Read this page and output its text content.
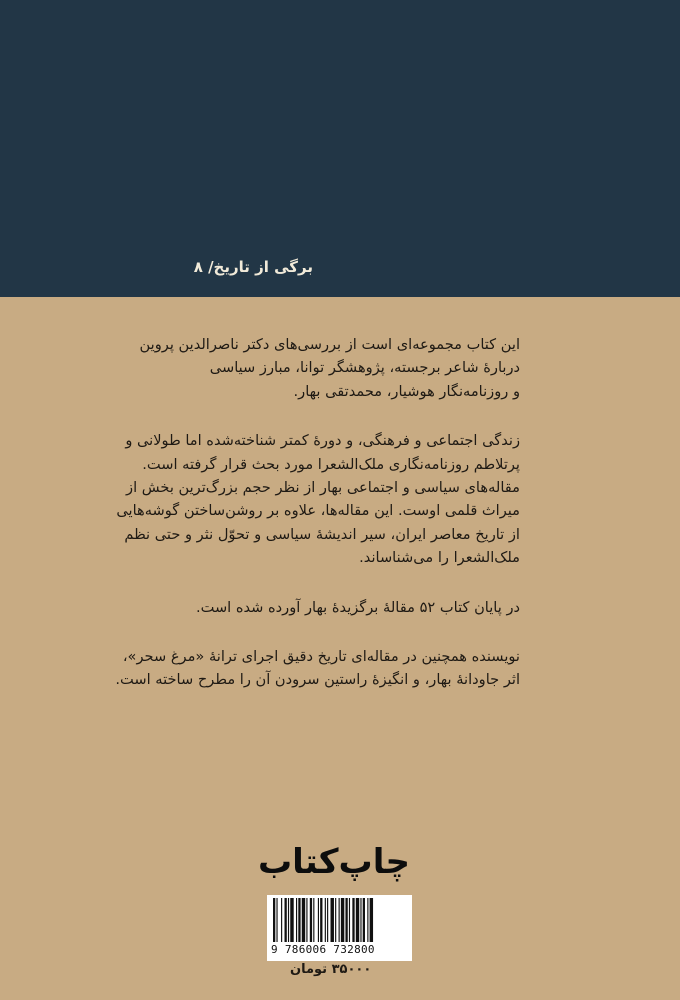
برگی از تاریخ/ ۸

این کتاب مجموعه‌ای است از بررسی‌های دکتر ناصرالدین پروین
دربارهٔ شاعر برجسته، پژوهشگر توانا، مبارز سیاسی
و روزنامه‌نگار هوشیار، محمدتقی بهار.

زندگی اجتماعی و فرهنگی، و دورهٔ کمتر شناخته‌شده اما طولانی و
پرتلاطم روزنامه‌نگاری ملک‌الشعرا مورد بحث قرار گرفته است.
مقاله‌های سیاسی و اجتماعی بهار از نظر حجم بزرگ‌ترین بخش از
میراث قلمی اوست. این مقاله‌ها، علاوه بر روشن‌ساختن گوشه‌هایی
از تاریخ معاصر ایران، سیر اندیشهٔ سیاسی و تحوّل نثر و حتی نظم
ملک‌الشعرا را می‌شناساند.

در پایان کتاب ۵۲ مقالهٔ برگزیدهٔ بهار آورده شده است.

نویسنده همچنین در مقاله‌ای تاریخ دقیق اجرای ترانهٔ «مرغ سحر»،
اثر جاودانهٔ بهار، و انگیزهٔ راستین سرودن آن را مطرح ساخته است.

چاپ‌کتاب
9 786006 732800
۳۵۰۰۰ تومان
